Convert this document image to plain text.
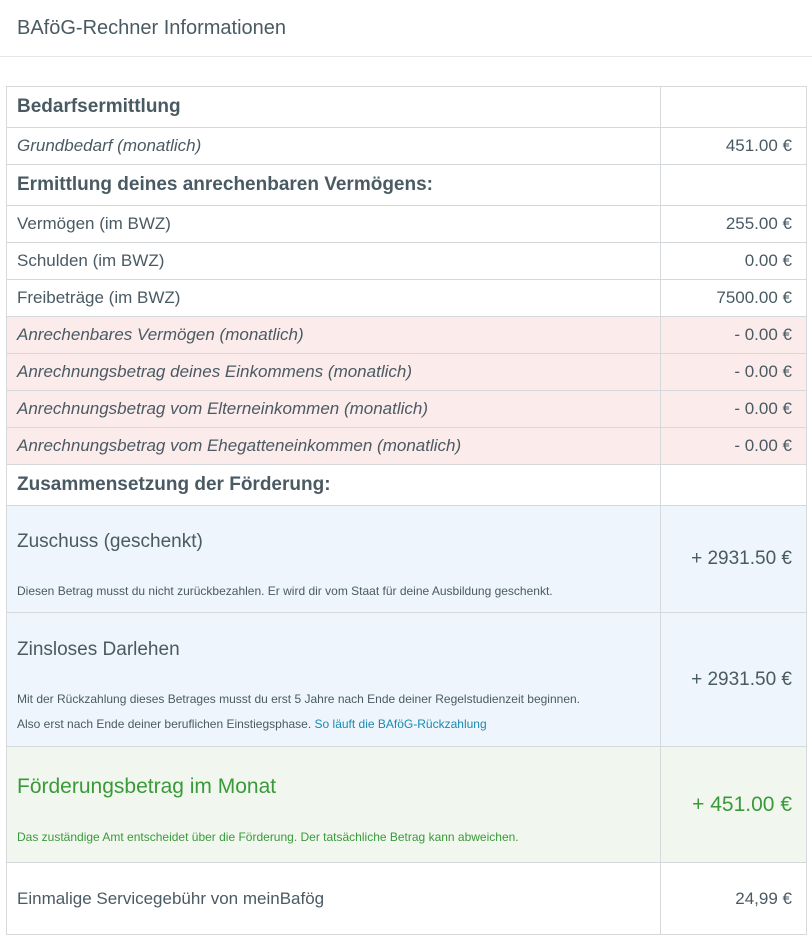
BAföG-Rechner Informationen
Bedarfsermittlung	
Grundbedarf (monatlich)	451.00 €
Ermittlung deines anrechenbaren Vermögens:	
Vermögen (im BWZ)	255.00 €
Schulden (im BWZ)	0.00 €
Freibeträge (im BWZ)	7500.00 €
Anrechenbares Vermögen (monatlich)	- 0.00 €
Anrechnungsbetrag deines Einkommens (monatlich)	- 0.00 €
Anrechnungsbetrag vom Elterneinkommen (monatlich)	- 0.00 €
Anrechnungsbetrag vom Ehegatteneinkommen (monatlich)	- 0.00 €
Zusammensetzung der Förderung:	

Zuschuss (geschenkt)
Diesen Betrag musst du nicht zurückbezahlen. Er wird dir vom Staat für deine Ausbildung geschenkt.	+ 2931.50 €

Zinsloses Darlehen
Mit der Rückzahlung dieses Betrages musst du erst 5 Jahre nach Ende deiner Regelstudienzeit beginnen.
Also erst nach Ende deiner beruflichen Einstiegsphase. So läuft die BAföG-Rückzahlung	+ 2931.50 €

Förderungsbetrag im Monat
Das zuständige Amt entscheidet über die Förderung. Der tatsächliche Betrag kann abweichen.	+ 451.00 €
Einmalige Servicegebühr von meinBafög	24,99 €
